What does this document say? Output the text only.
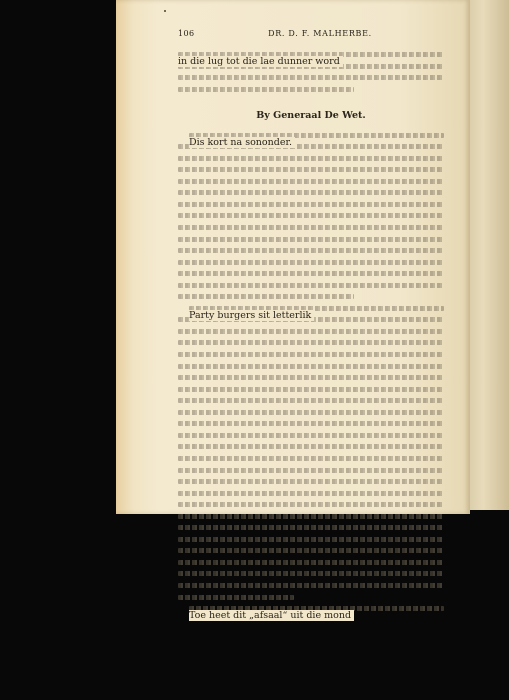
106	DR. D. F. MALHERBE.
in die lug tot die lae dunner word
By Generaal De Wet.
Dis kort na sononder.
Party burgers sit letterlik
Toe heet dit „afsaal“ uit die mond
